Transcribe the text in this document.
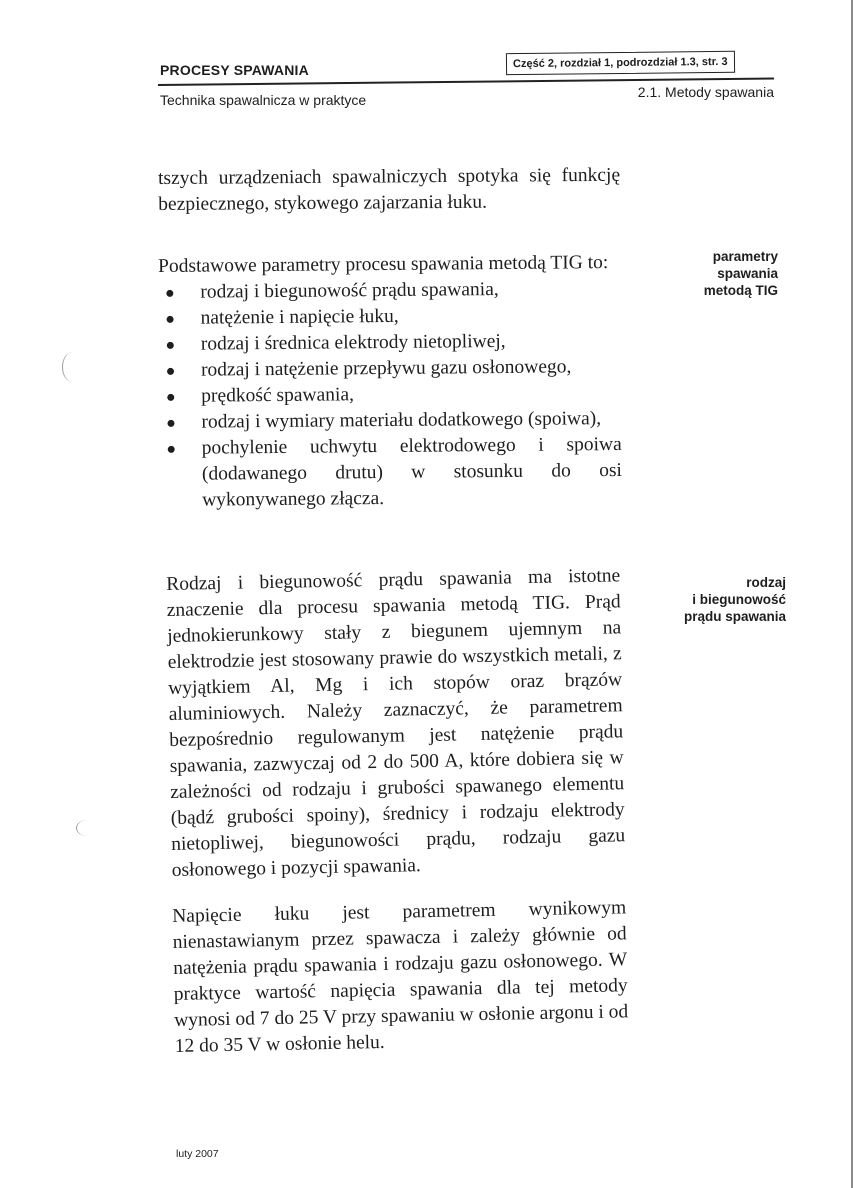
PROCESY SPAWANIA	Część 2, rozdział 1, podrozdział 1.3, str. 3
Technika spawalnicza w praktyce	2.1. Metody spawania

tszych urządzeniach spawalniczych spotyka się funkcję bezpiecznego, stykowego zajarzania łuku.

Podstawowe parametry procesu spawania metodą TIG to:

rodzaj i biegunowość prądu spawania,
natężenie i napięcie łuku,
rodzaj i średnica elektrody nietopliwej,
rodzaj i natężenie przepływu gazu osłonowego,
prędkość spawania,
rodzaj i wymiary materiału dodatkowego (spoiwa),
pochylenie uchwytu elektrodowego i spoiwa (dodawanego drutu) w stosunku do osi wykonywanego złącza.
parametry
spawania
metodą TIG

Rodzaj i biegunowość prądu spawania ma istotne znaczenie dla procesu spawania metodą TIG. Prąd jednokierunkowy stały z biegunem ujemnym na elektrodzie jest stosowany prawie do wszystkich metali, z wyjątkiem Al, Mg i ich stopów oraz brązów aluminiowych. Należy zaznaczyć, że parametrem bezpośrednio regulowanym jest natężenie prądu spawania, zazwyczaj od 2 do 500 A, które dobiera się w zależności od rodzaju i grubości spawanego elementu (bądź grubości spoiny), średnicy i rodzaju elektrody nietopliwej, biegunowości prądu, rodzaju gazu osłonowego i pozycji spawania.

rodzaj
i biegunowość
prądu spawania

Napięcie łuku jest parametrem wynikowym nienastawianym przez spawacza i zależy głównie od natężenia prądu spawania i rodzaju gazu osłonowego. W praktyce wartość napięcia spawania dla tej metody wynosi od 7 do 25 V przy spawaniu w osłonie argonu i od 12 do 35 V w osłonie helu.

luty 2007
